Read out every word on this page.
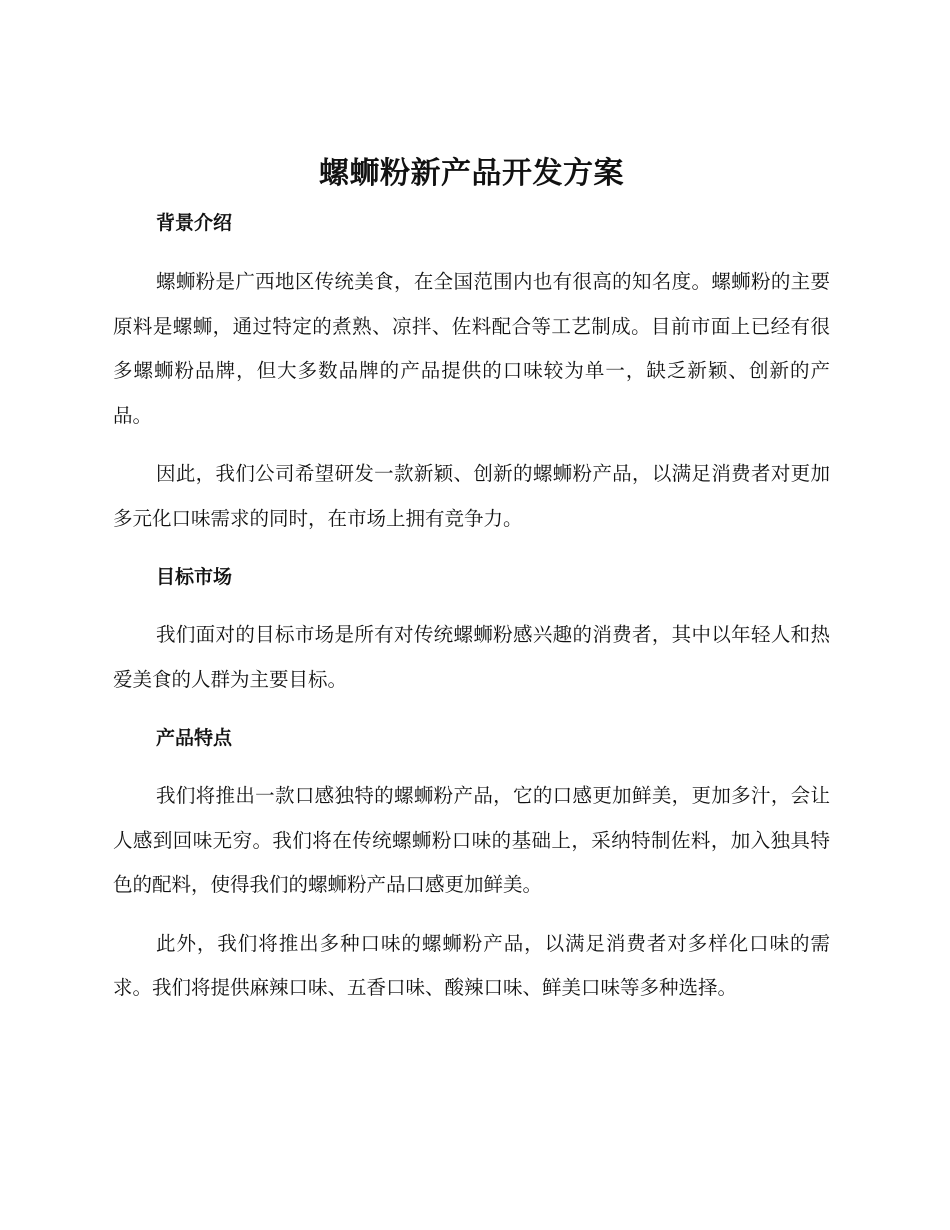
螺蛳粉新产品开发方案
背景介绍

螺蛳粉是广西地区传统美食，在全国范围内也有很高的知名度。螺蛳粉的主要原料是螺蛳，通过特定的煮熟、凉拌、佐料配合等工艺制成。目前市面上已经有很多螺蛳粉品牌，但大多数品牌的产品提供的口味较为单一，缺乏新颖、创新的产品。

因此，我们公司希望研发一款新颖、创新的螺蛳粉产品，以满足消费者对更加多元化口味需求的同时，在市场上拥有竞争力。

目标市场

我们面对的目标市场是所有对传统螺蛳粉感兴趣的消费者，其中以年轻人和热爱美食的人群为主要目标。

产品特点

我们将推出一款口感独特的螺蛳粉产品，它的口感更加鲜美，更加多汁，会让人感到回味无穷。我们将在传统螺蛳粉口味的基础上，采纳特制佐料，加入独具特色的配料，使得我们的螺蛳粉产品口感更加鲜美。

此外，我们将推出多种口味的螺蛳粉产品，以满足消费者对多样化口味的需求。我们将提供麻辣口味、五香口味、酸辣口味、鲜美口味等多种选择。
